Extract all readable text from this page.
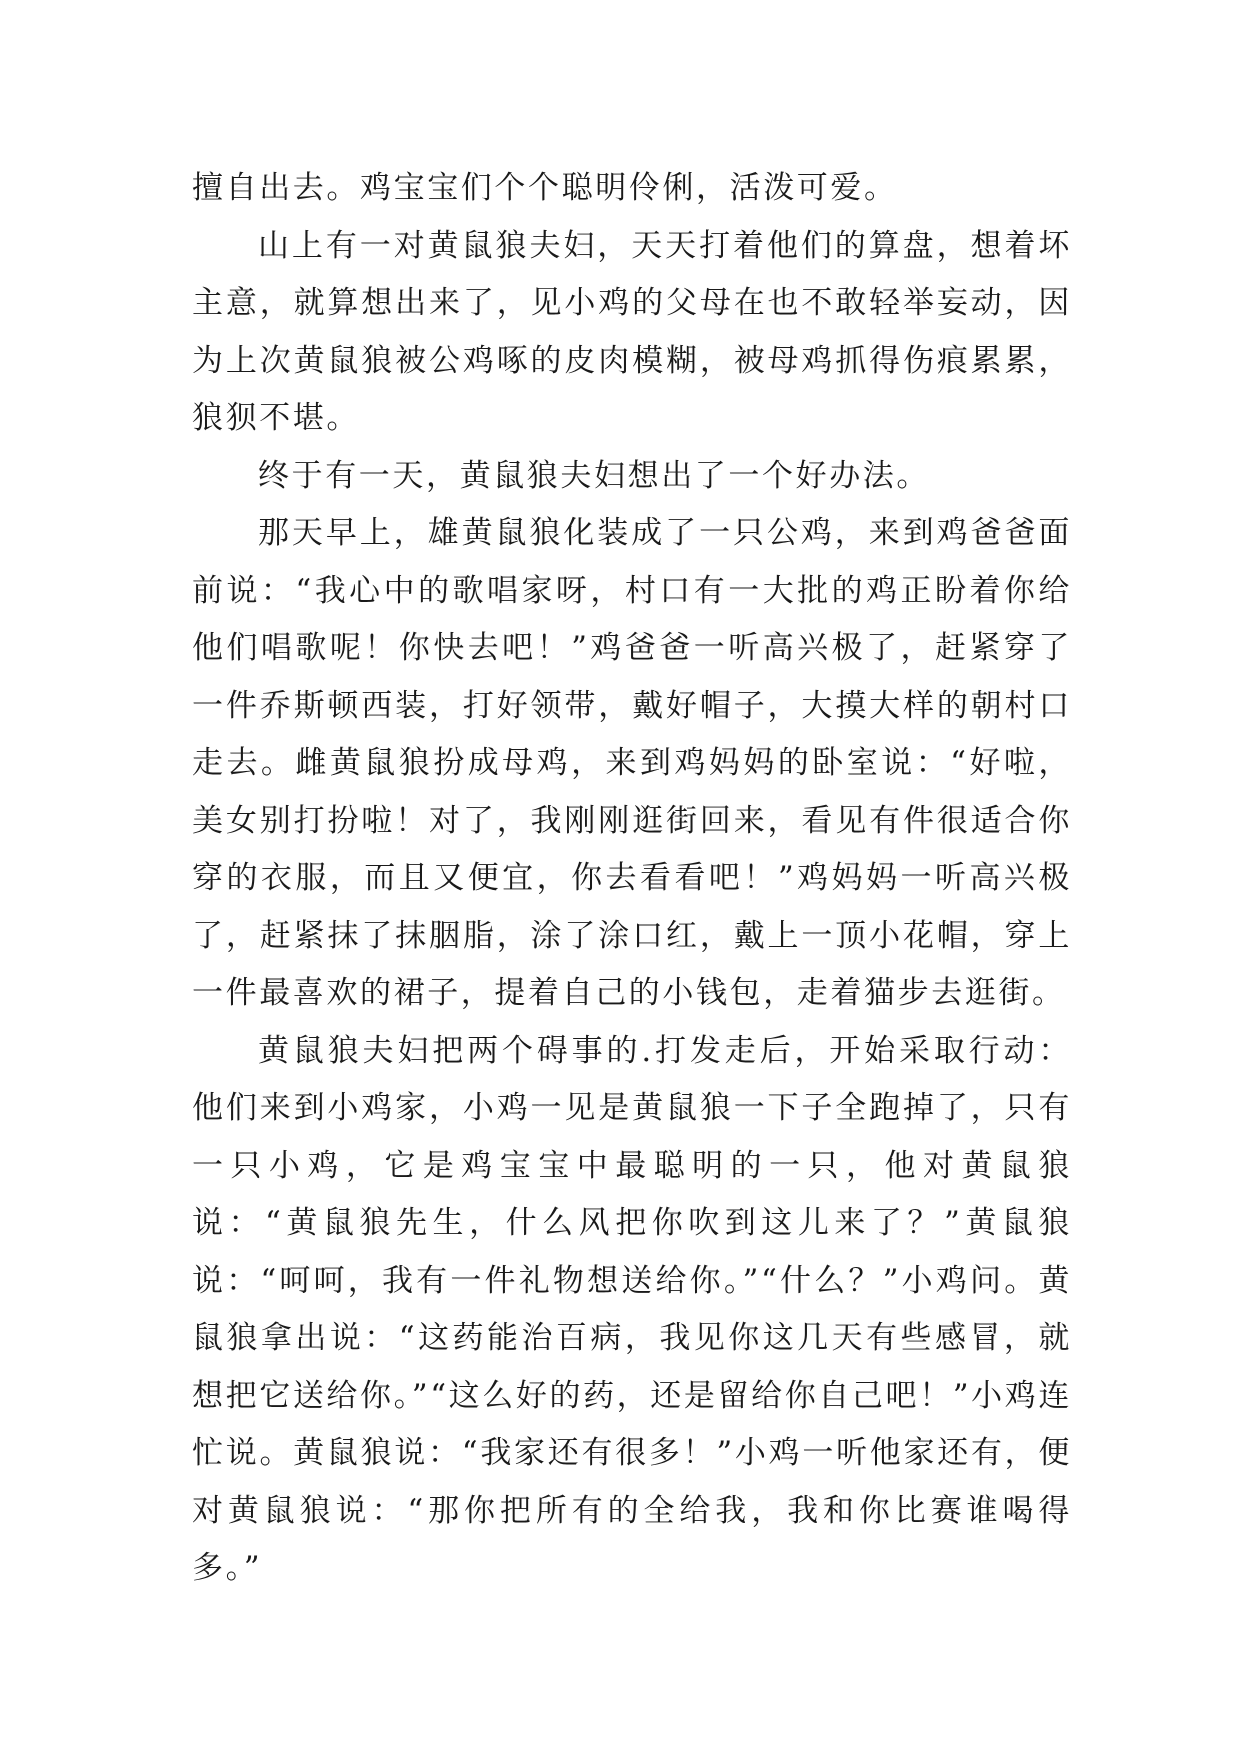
擅自出去。鸡宝宝们个个聪明伶俐，活泼可爱。

山上有一对黄鼠狼夫妇，天天打着他们的算盘，想着坏主意，就算想出来了，见小鸡的父母在也不敢轻举妄动，因为上次黄鼠狼被公鸡啄的皮肉模糊，被母鸡抓得伤痕累累，狼狈不堪。

终于有一天，黄鼠狼夫妇想出了一个好办法。

那天早上，雄黄鼠狼化装成了一只公鸡，来到鸡爸爸面前说：“我心中的歌唱家呀，村口有一大批的鸡正盼着你给他们唱歌呢！你快去吧！”鸡爸爸一听高兴极了，赶紧穿了一件乔斯顿西装，打好领带，戴好帽子，大摸大样的朝村口走去。雌黄鼠狼扮成母鸡，来到鸡妈妈的卧室说：“好啦，美女别打扮啦！对了，我刚刚逛街回来，看见有件很适合你穿的衣服，而且又便宜，你去看看吧！”鸡妈妈一听高兴极了，赶紧抹了抹胭脂，涂了涂口红，戴上一顶小花帽，穿上一件最喜欢的裙子，提着自己的小钱包，走着猫步去逛街。

黄鼠狼夫妇把两个碍事的.打发走后，开始采取行动：他们来到小鸡家，小鸡一见是黄鼠狼一下子全跑掉了，只有一只小鸡，它是鸡宝宝中最聪明的一只，他对黄鼠狼说：“黄鼠狼先生，什么风把你吹到这儿来了？”黄鼠狼说：“呵呵，我有一件礼物想送给你。”“什么？”小鸡问。黄鼠狼拿出说：“这药能治百病，我见你这几天有些感冒，就想把它送给你。”“这么好的药，还是留给你自己吧！”小鸡连忙说。黄鼠狼说：“我家还有很多！”小鸡一听他家还有，便对黄鼠狼说：“那你把所有的全给我，我和你比赛谁喝得多。”
